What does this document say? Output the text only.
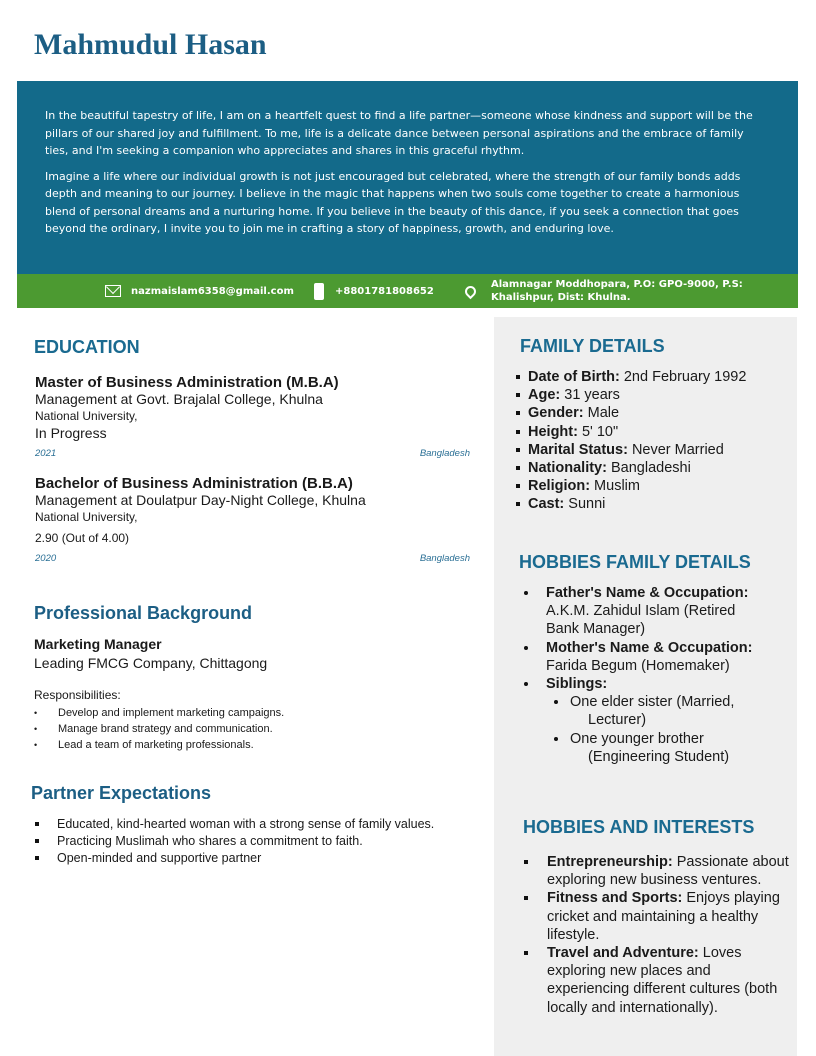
Mahmudul Hasan

In the beautiful tapestry of life, I am on a heartfelt quest to find a life partner—someone whose kindness and support will be the pillars of our shared joy and fulfillment. To me, life is a delicate dance between personal aspirations and the embrace of family ties, and I'm seeking a companion who appreciates and shares in this graceful rhythm.

Imagine a life where our individual growth is not just encouraged but celebrated, where the strength of our family bonds adds depth and meaning to our journey. I believe in the magic that happens when two souls come together to create a harmonious blend of personal dreams and a nurturing home. If you believe in the beauty of this dance, if you seek a connection that goes beyond the ordinary, I invite you to join me in crafting a story of happiness, growth, and enduring love.

nazmaislam6358@gmail.com	+8801781808652
Alamnagar Moddhopara, P.O: GPO-9000, P.S:
Khalishpur, Dist: Khulna.
EDUCATION
Master of Business Administration (M.B.A)
Management at Govt. Brajalal College, Khulna
National University,
In Progress
2021	Bangladesh
Bachelor of Business Administration (B.B.A)
Management at Doulatpur Day-Night College, Khulna
National University,
2.90 (Out of 4.00)
2020	Bangladesh
Professional Background
Marketing Manager
Leading FMCG Company, Chittagong
Responsibilities:
• Develop and implement marketing campaigns.
• Manage brand strategy and communication.
• Lead a team of marketing professionals.
Partner Expectations
Educated, kind-hearted woman with a strong sense of family values.
Practicing Muslimah who shares a commitment to faith.
Open-minded and supportive partner
FAMILY DETAILS
Date of Birth: 2nd February 1992
Age: 31 years
Gender: Male
Height: 5' 10"
Marital Status: Never Married
Nationality: Bangladeshi
Religion: Muslim
Cast: Sunni
HOBBIES FAMILY DETAILS
Father's Name & Occupation:
A.K.M. Zahidul Islam (Retired Bank Manager)
Mother's Name & Occupation:
Farida Begum (Homemaker)
Siblings:
One elder sister (Married,
Lecturer)
One younger brother
(Engineering Student)
HOBBIES AND INTERESTS
Entrepreneurship: Passionate about exploring new business ventures.
Fitness and Sports: Enjoys playing cricket and maintaining a healthy lifestyle.
Travel and Adventure: Loves exploring new places and experiencing different cultures (both locally and internationally).
